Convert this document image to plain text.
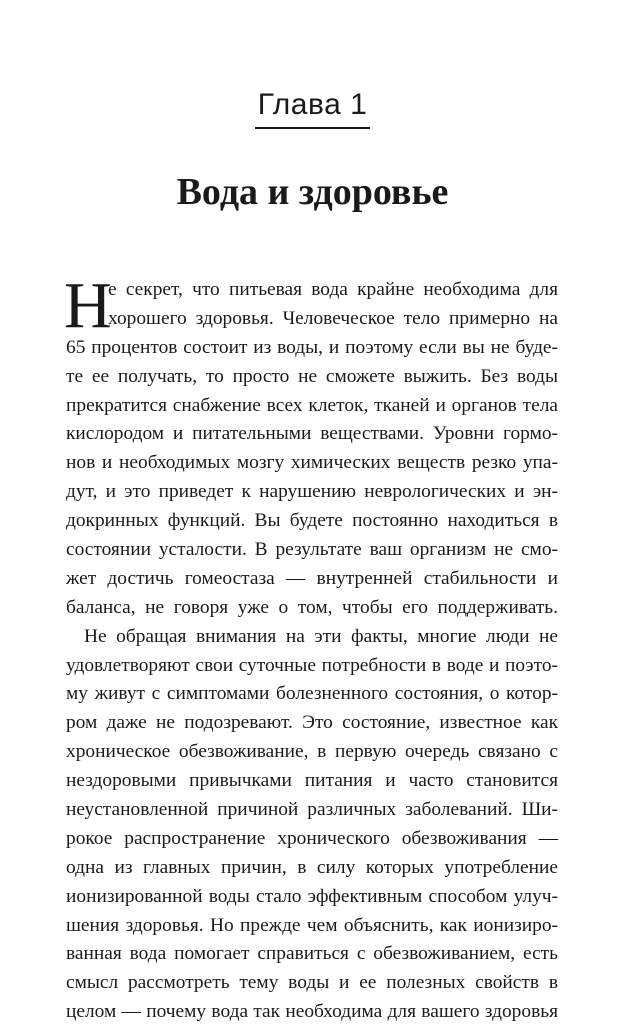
Глава 1
Вода и здоровье
Н
е секрет, что питьевая вода крайне необходима для
хорошего здоровья. Человеческое тело примерно на
65 процентов состоит из воды, и поэтому если вы не буде-
те ее получать, то просто не сможете выжить. Без воды
прекратится снабжение всех клеток, тканей и органов тела
кислородом и питательными веществами. Уровни гормо-
нов и необходимых мозгу химических веществ резко упа-
дут, и это приведет к нарушению неврологических и эн-
докринных функций. Вы будете постоянно находиться в
состоянии усталости. В результате ваш организм не смо-
жет достичь гомеостаза — внутренней стабильности и
баланса, не говоря уже о том, чтобы его поддерживать.
Не обращая внимания на эти факты, многие люди не
удовлетворяют свои суточные потребности в воде и поэто-
му живут с симптомами болезненного состояния, о котор-
ром даже не подозревают. Это состояние, известное как
хроническое обезвоживание, в первую очередь связано с
нездоровыми привычками питания и часто становится
неустановленной причиной различных заболеваний. Ши-
рокое распространение хронического обезвоживания —
одна из главных причин, в силу которых употребление
ионизированной воды стало эффективным способом улуч-
шения здоровья. Но прежде чем объяснить, как ионизиро-
ванная вода помогает справиться с обезвоживанием, есть
смысл рассмотреть тему воды и ее полезных свойств в
целом — почему вода так необходима для вашего здоровья
